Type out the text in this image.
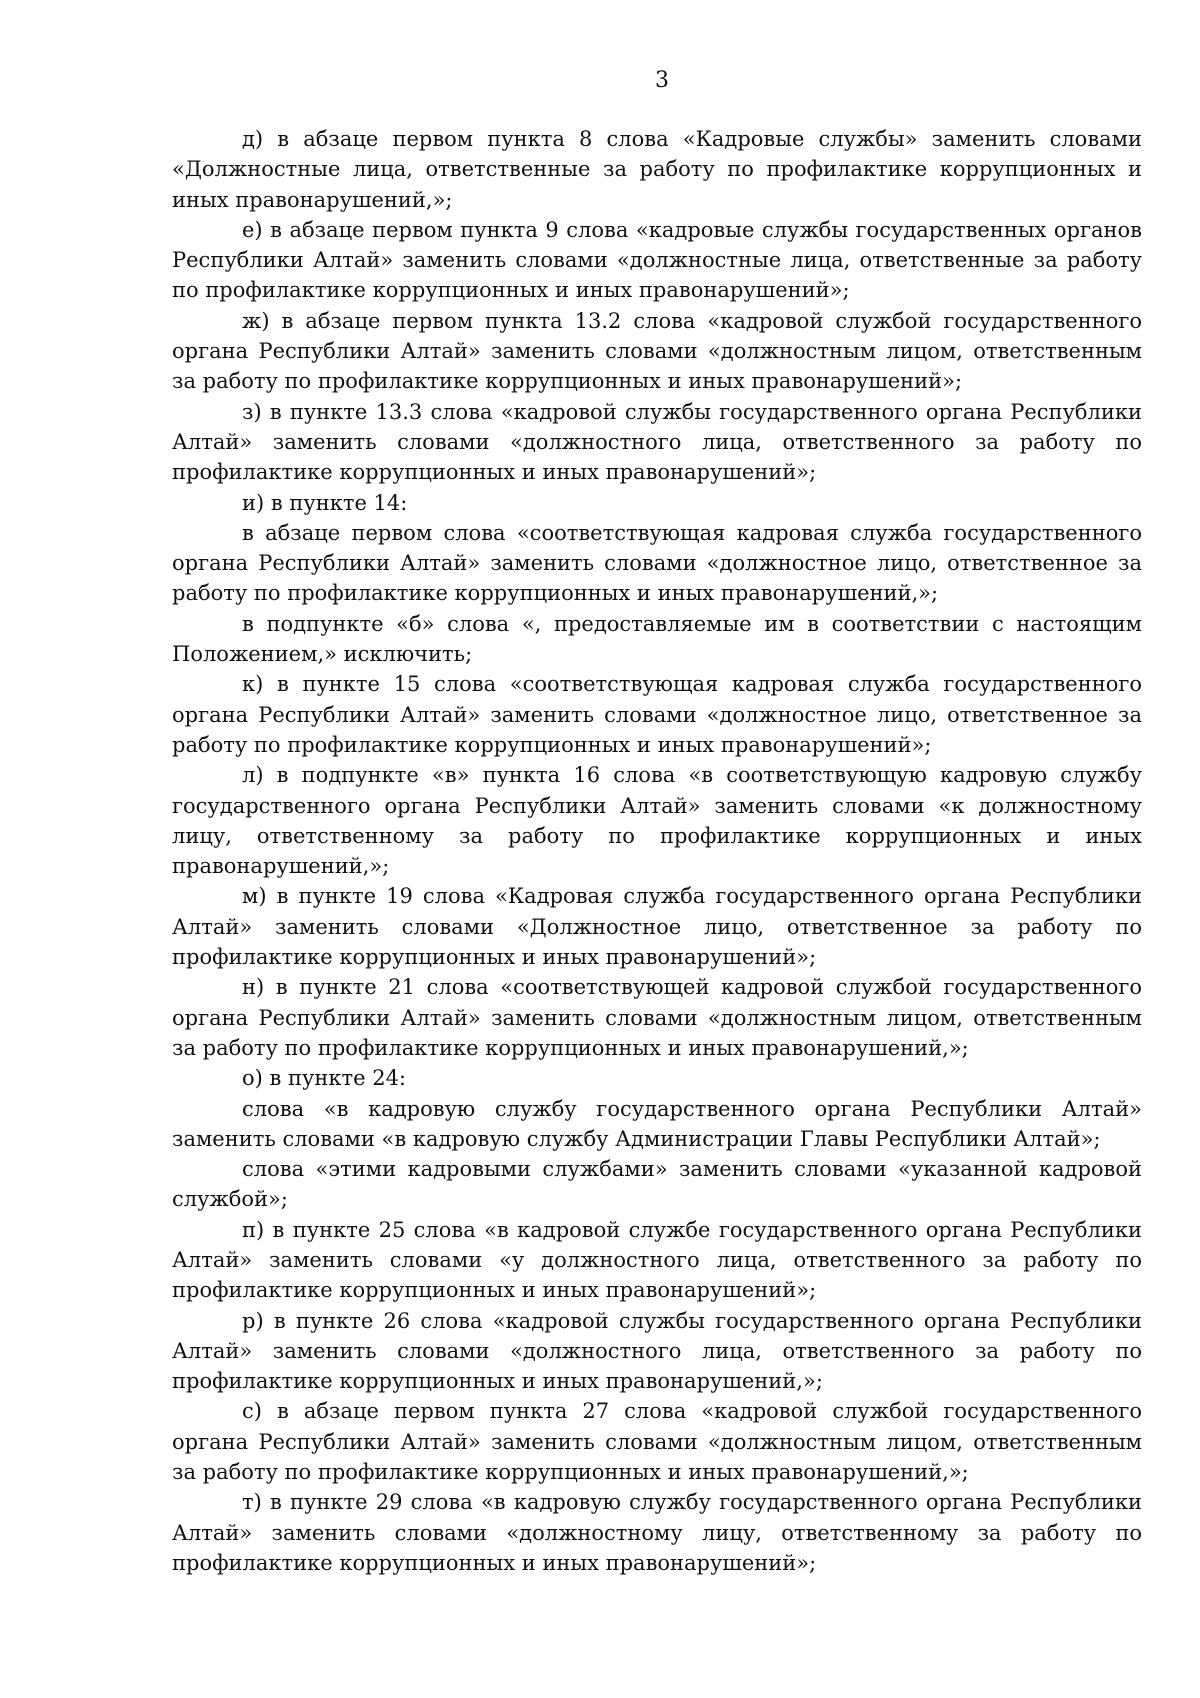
3

д) в абзаце первом пункта 8 слова «Кадровые службы» заменить словами «Должностные лица, ответственные за работу по профилактике коррупционных и иных правонарушений,»;

е) в абзаце первом пункта 9 слова «кадровые службы государственных органов Республики Алтай» заменить словами «должностные лица, ответственные за работу по профилактике коррупционных и иных правонарушений»;

ж) в абзаце первом пункта 13.2 слова «кадровой службой государственного органа Республики Алтай» заменить словами «должностным лицом, ответственным за работу по профилактике коррупционных и иных правонарушений»;

з) в пункте 13.3 слова «кадровой службы государственного органа Республики Алтай» заменить словами «должностного лица, ответственного за работу по профилактике коррупционных и иных правонарушений»;

и) в пункте 14:

в абзаце первом слова «соответствующая кадровая служба государственного органа Республики Алтай» заменить словами «должностное лицо, ответственное за работу по профилактике коррупционных и иных правонарушений,»;

в подпункте «б» слова «, предоставляемые им в соответствии с настоящим Положением,» исключить;

к) в пункте 15 слова «соответствующая кадровая служба государственного органа Республики Алтай» заменить словами «должностное лицо, ответственное за работу по профилактике коррупционных и иных правонарушений»;

л) в подпункте «в» пункта 16 слова «в соответствующую кадровую службу государственного органа Республики Алтай» заменить словами «к должностному лицу, ответственному за работу по профилактике коррупционных и иных правонарушений,»;

м) в пункте 19 слова «Кадровая служба государственного органа Республики Алтай» заменить словами «Должностное лицо, ответственное за работу по профилактике коррупционных и иных правонарушений»;

н) в пункте 21 слова «соответствующей кадровой службой государственного органа Республики Алтай» заменить словами «должностным лицом, ответственным за работу по профилактике коррупционных и иных правонарушений,»;

о) в пункте 24:

слова «в кадровую службу государственного органа Республики Алтай» заменить словами «в кадровую службу Администрации Главы Республики Алтай»;

слова «этими кадровыми службами» заменить словами «указанной кадровой службой»;

п) в пункте 25 слова «в кадровой службе государственного органа Республики Алтай» заменить словами «у должностного лица, ответственного за работу по профилактике коррупционных и иных правонарушений»;

р) в пункте 26 слова «кадровой службы государственного органа Республики Алтай» заменить словами «должностного лица, ответственного за работу по профилактике коррупционных и иных правонарушений,»;

с) в абзаце первом пункта 27 слова «кадровой службой государственного органа Республики Алтай» заменить словами «должностным лицом, ответственным за работу по профилактике коррупционных и иных правонарушений,»;

т) в пункте 29 слова «в кадровую службу государственного органа Республики Алтай» заменить словами «должностному лицу, ответственному за работу по профилактике коррупционных и иных правонарушений»;
